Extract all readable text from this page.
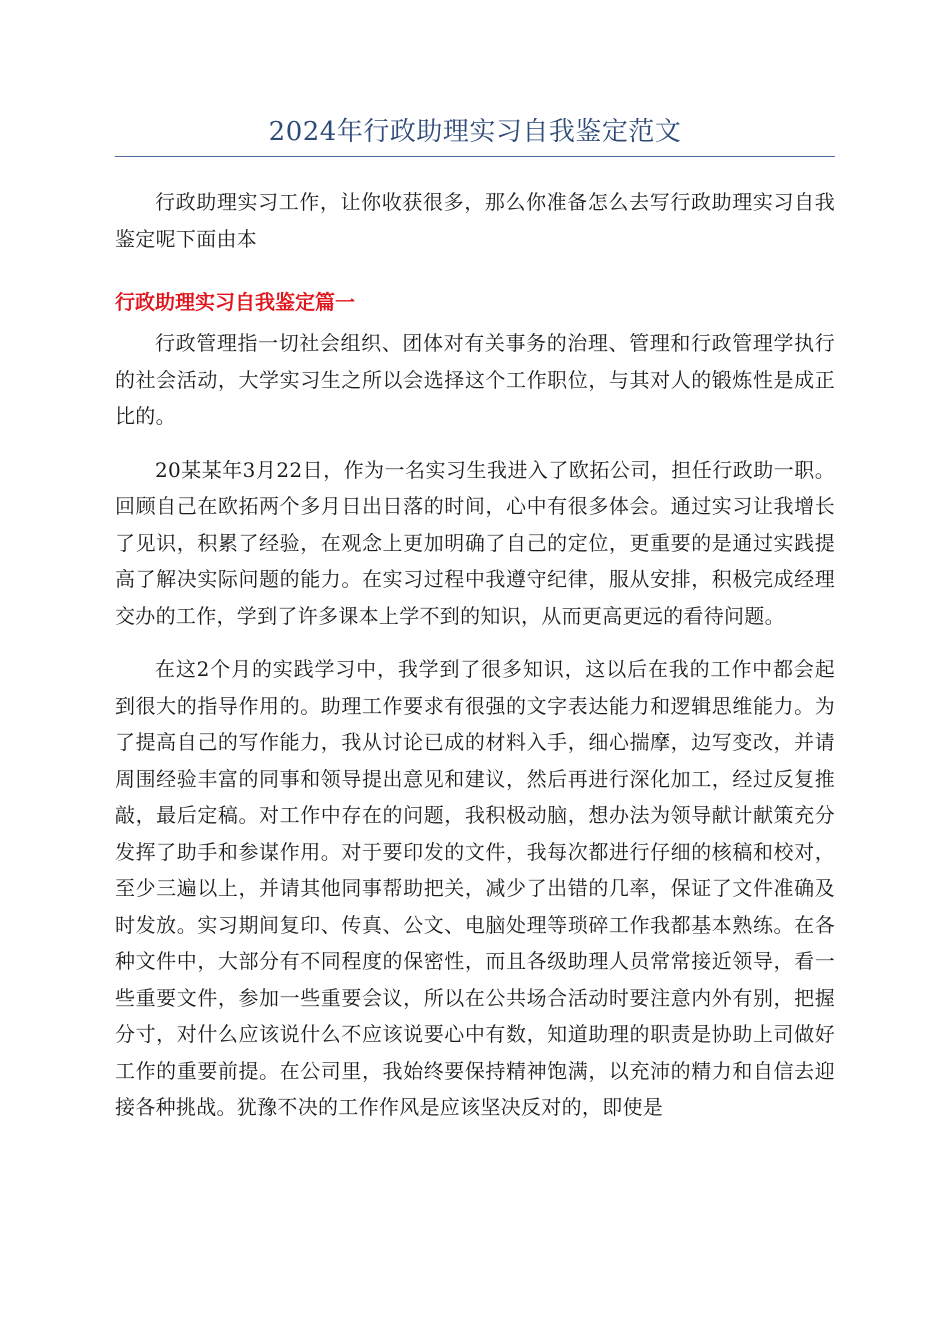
2024年行政助理实习自我鉴定范文

行政助理实习工作，让你收获很多，那么你准备怎么去写行政助理实习自我鉴定呢下面由本

行政助理实习自我鉴定篇一

行政管理指一切社会组织、团体对有关事务的治理、管理和行政管理学执行的社会活动，大学实习生之所以会选择这个工作职位，与其对人的锻炼性是成正比的。

20某某年3月22日，作为一名实习生我进入了欧拓公司，担任行政助一职。回顾自己在欧拓两个多月日出日落的时间，心中有很多体会。通过实习让我增长了见识，积累了经验，在观念上更加明确了自己的定位，更重要的是通过实践提高了解决实际问题的能力。在实习过程中我遵守纪律，服从安排，积极完成经理交办的工作，学到了许多课本上学不到的知识，从而更高更远的看待问题。

在这2个月的实践学习中，我学到了很多知识，这以后在我的工作中都会起到很大的指导作用的。助理工作要求有很强的文字表达能力和逻辑思维能力。为了提高自己的写作能力，我从讨论已成的材料入手，细心揣摩，边写变改，并请周围经验丰富的同事和领导提出意见和建议，然后再进行深化加工，经过反复推敲，最后定稿。对工作中存在的问题，我积极动脑，想办法为领导献计献策充分发挥了助手和参谋作用。对于要印发的文件，我每次都进行仔细的核稿和校对，至少三遍以上，并请其他同事帮助把关，减少了出错的几率，保证了文件准确及时发放。实习期间复印、传真、公文、电脑处理等琐碎工作我都基本熟练。在各种文件中，大部分有不同程度的保密性，而且各级助理人员常常接近领导，看一些重要文件，参加一些重要会议，所以在公共场合活动时要注意内外有别，把握分寸，对什么应该说什么不应该说要心中有数，知道助理的职责是协助上司做好工作的重要前提。在公司里，我始终要保持精神饱满，以充沛的精力和自信去迎接各种挑战。犹豫不决的工作作风是应该坚决反对的，即使是
